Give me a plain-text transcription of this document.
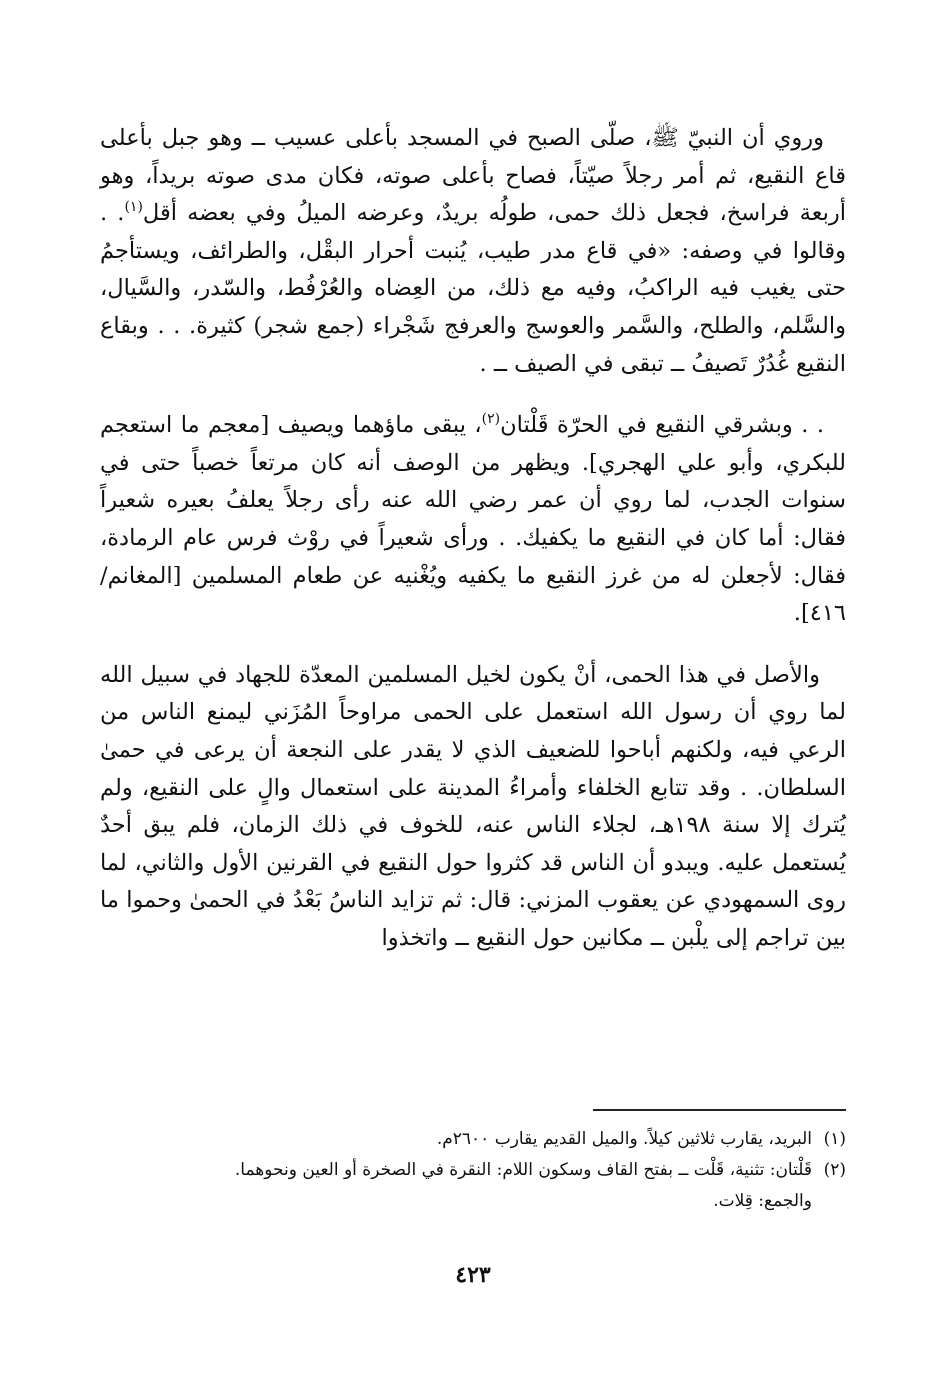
وروي أن النبيّ ﷺ، صلّى الصبح في المسجد بأعلى عسيب ــ وهو جبل بأعلى قاع النقيع، ثم أمر رجلاً صيّتاً، فصاح بأعلى صوته، فكان مدى صوته بريداً، وهو أربعة فراسخ، فجعل ذلك حمى، طولُه بريدٌ، وعرضه الميلُ وفي بعضه أقل$^{(١)}$. . وقالوا في وصفه: «في قاع مدر طيب، يُنبت أحرار البقْل، والطرائف، ويستأجمُ حتى يغيب فيه الراكبُ، وفيه مع ذلك، من العِضاه والعُرْفُط، والسّدر، والسَّيال، والسَّلم، والطلح، والسَّمر والعوسج والعرفج شَجْراء (جمع شجر) كثيرة. . . وبقاع النقيع غُدُرٌ تَصيفُ ــ تبقى في الصيف ــ .

. . وبشرقي النقيع في الحرّة قَلْتان$^{(٢)}$، يبقى ماؤهما ويصيف [معجم ما استعجم للبكري، وأبو علي الهجري]. ويظهر من الوصف أنه كان مرتعاً خصباً حتى في سنوات الجدب، لما روي أن عمر رضي الله عنه رأى رجلاً يعلفُ بعيره شعيراً فقال: أما كان في النقيع ما يكفيك. . ورأى شعيراً في روْث فرس عام الرمادة، فقال: لأجعلن له من غرز النقيع ما يكفيه ويُغْنيه عن طعام المسلمين [المغانم/٤١٦].

والأصل في هذا الحمى، أنْ يكون لخيل المسلمين المعدّة للجهاد في سبيل الله لما روي أن رسول الله استعمل على الحمى مراوحاً المُزَني ليمنع الناس من الرعي فيه، ولكنهم أباحوا للضعيف الذي لا يقدر على النجعة أن يرعى في حمىٰ السلطان. . وقد تتابع الخلفاء وأمراءُ المدينة على استعمال والٍ على النقيع، ولم يُترك إلا سنة ١٩٨هـ، لجلاء الناس عنه، للخوف في ذلك الزمان، فلم يبق أحدٌ يُستعمل عليه. ويبدو أن الناس قد كثروا حول النقيع في القرنين الأول والثاني، لما روى السمهودي عن يعقوب المزني: قال: ثم تزايد الناسُ بَعْدُ في الحمىٰ وحموا ما بين تراجم إلى يلْبن ــ مكانين حول النقيع ــ واتخذوا

(١)البريد، يقارب ثلاثين كيلاً. والميل القديم يقارب ٢٦٠٠م.

(٢)قَلْتان: تثنية، قَلْت ــ بفتح القاف وسكون اللام: النقرة في الصخرة أو العين ونحوهما.

والجمع: قِلات.

٤٢٣
